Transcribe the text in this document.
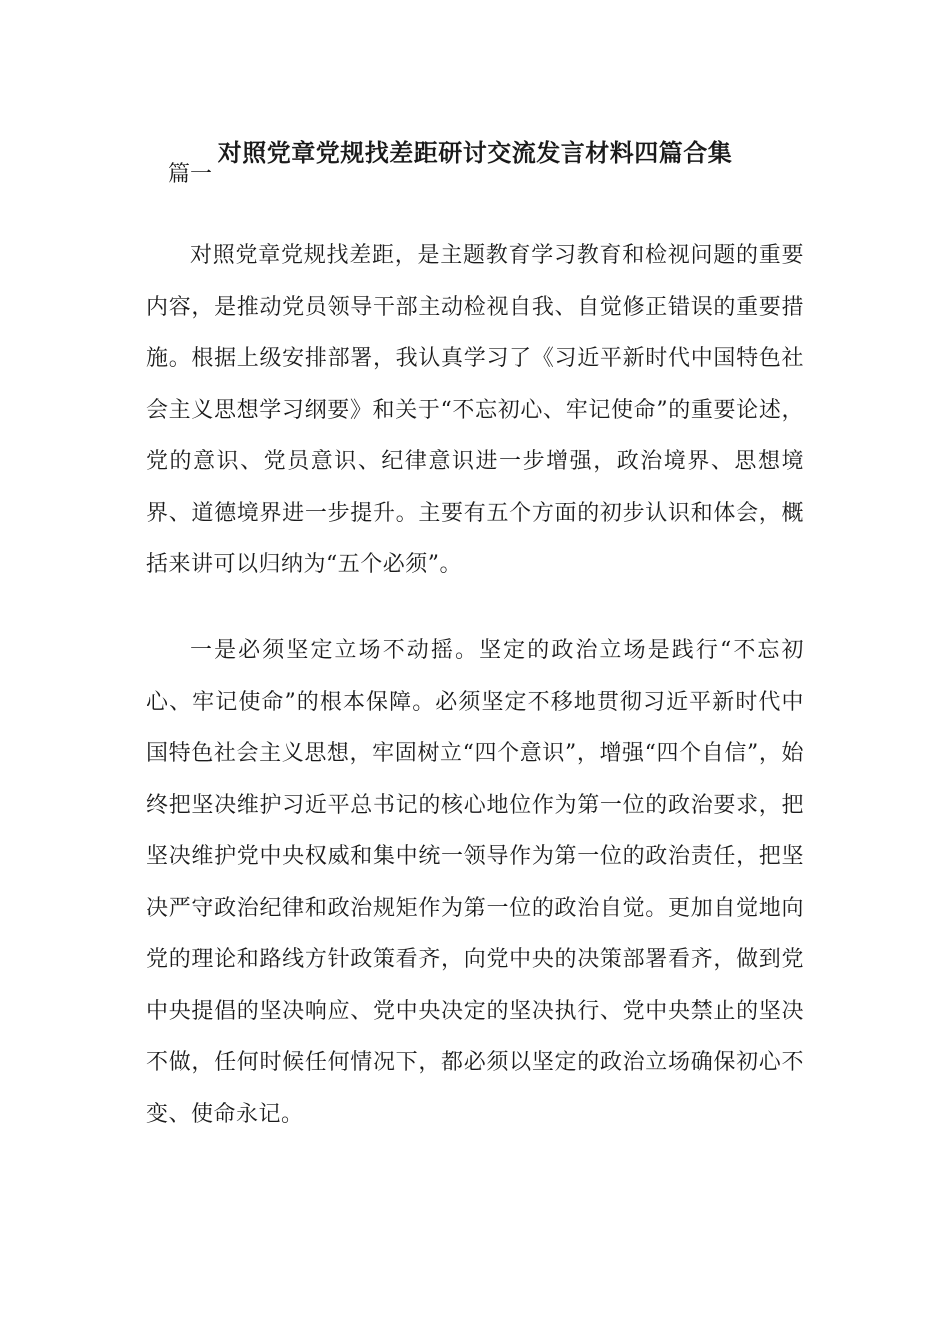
对照党章党规找差距研讨交流发言材料四篇合集

篇一

对照党章党规找差距，是主题教育学习教育和检视问题的重要内容，是推动党员领导干部主动检视自我、自觉修正错误的重要措施。根据上级安排部署，我认真学习了《习近平新时代中国特色社会主义思想学习纲要》和关于“不忘初心、牢记使命”的重要论述，党的意识、党员意识、纪律意识进一步增强，政治境界、思想境界、道德境界进一步提升。主要有五个方面的初步认识和体会，概括来讲可以归纳为“五个必须”。

一是必须坚定立场不动摇。坚定的政治立场是践行“不忘初心、牢记使命”的根本保障。必须坚定不移地贯彻习近平新时代中国特色社会主义思想，牢固树立“四个意识”，增强“四个自信”，始终把坚决维护习近平总书记的核心地位作为第一位的政治要求，把坚决维护党中央权威和集中统一领导作为第一位的政治责任，把坚决严守政治纪律和政治规矩作为第一位的政治自觉。更加自觉地向党的理论和路线方针政策看齐，向党中央的决策部署看齐，做到党中央提倡的坚决响应、党中央决定的坚决执行、党中央禁止的坚决不做，任何时候任何情况下，都必须以坚定的政治立场确保初心不变、使命永记。
